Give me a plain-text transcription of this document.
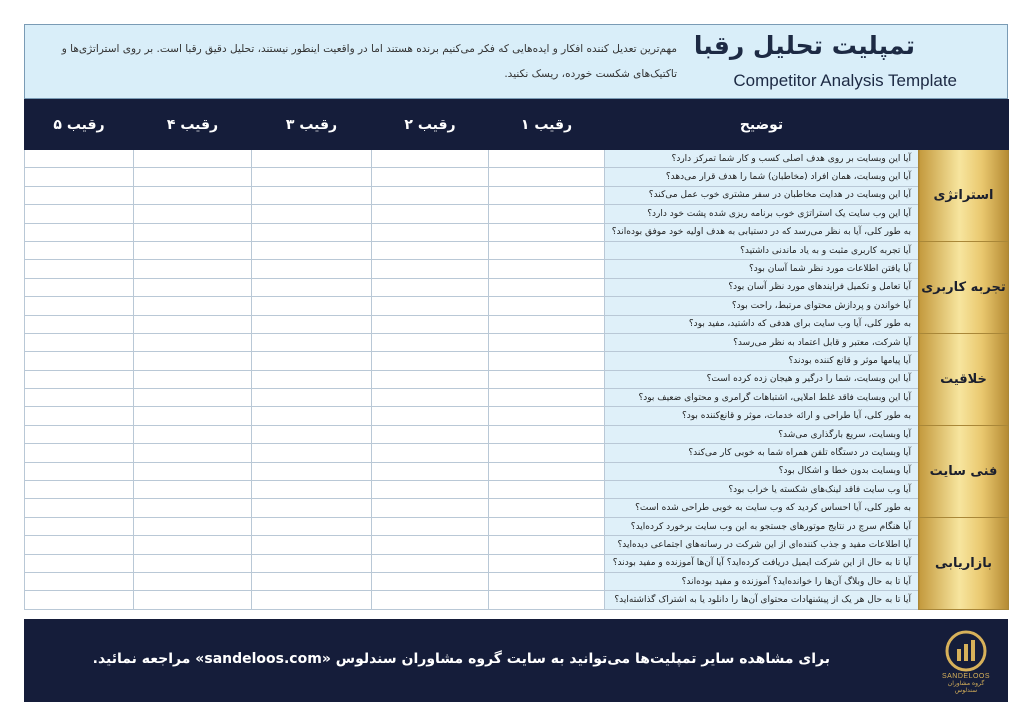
تمپلیت تحلیل رقبا
Competitor Analysis Template
مهم‌ترین تعدیل کننده افکار و ایده‌هایی که فکر می‌کنیم برنده هستند اما در واقعیت اینطور نیستند، تحلیل دقیق رقبا است. بر روی استراتژی‌ها و تاکتیک‌های شکست خورده، ریسک نکنید.
	توضیح	رقیب ۱	رقیب ۲	رقیب ۳	رقیب ۴	رقیب ۵
استراتژی	آیا این وبسایت بر روی هدف اصلی کسب و کار شما تمرکز دارد؟					
	آیا این وبسایت، همان افراد (مخاطبان) شما را هدف قرار می‌دهد؟					
	آیا این وبسایت در هدایت مخاطبان در سفر مشتری خوب عمل می‌کند؟					
	آیا این وب سایت یک استراتژی خوب برنامه ریزی شده پشت خود دارد؟					
	به طور کلی، آیا به نظر می‌رسد که در دستیابی به هدف اولیه خود موفق بوده‌اند؟					
تجربه کاربری	آیا تجربه کاربری مثبت و به یاد ماندنی داشتید؟					
	آیا یافتن اطلاعات مورد نظر شما آسان بود؟					
	آیا تعامل و تکمیل فرایندهای مورد نظر آسان بود؟					
	آیا خواندن و پردازش محتوای مرتبط، راحت بود؟					
	به طور کلی، آیا وب سایت برای هدفی که داشتید، مفید بود؟					
خلاقیت	آیا شرکت، معتبر و قابل اعتماد به نظر می‌رسد؟					
	آیا پیامها موثر و قانع کننده بودند؟					
	آیا این وبسایت، شما را درگیر و هیجان زده کرده است؟					
	آیا این وبسایت فاقد غلط املایی، اشتباهات گرامری و محتوای ضعیف بود؟					
	به طور کلی، آیا طراحی و ارائه خدمات، موثر و قانع‌کننده بود؟					
فنی سایت	آیا وبسایت، سریع بارگذاری می‌شد؟					
	آیا وبسایت در دستگاه تلفن همراه شما به خوبی کار می‌کند؟					
	آیا وبسایت بدون خطا و اشکال بود؟					
	آیا وب سایت فاقد لینک‌های شکسته یا خراب بود؟					
	به طور کلی، آیا احساس کردید که وب سایت به خوبی طراحی شده است؟					
بازاریابی	آیا هنگام سرچ در نتایج موتورهای جستجو به این وب سایت برخورد کرده‌اید؟					
	آیا اطلاعات مفید و جذب کننده‌ای از این شرکت در رسانه‌های اجتماعی دیده‌اید؟					
	آیا تا به حال از این شرکت ایمیل دریافت کرده‌اید؟ آیا آن‌ها آموزنده و مفید بودند؟					
	آیا تا به حال وبلاگ آن‌ها را خوانده‌اید؟ آموزنده و مفید بوده‌اند؟					
	آیا تا به حال هر یک از پیشنهادات محتوای آن‌ها را دانلود یا به اشتراک گذاشته‌اید؟					
برای مشاهده سایر تمپلیت‌ها می‌توانید به سایت گروه مشاوران سندلوس «sandeloos.com» مراجعه نمائید.
SANDELOOS
گروه مشاوران سندلوس
